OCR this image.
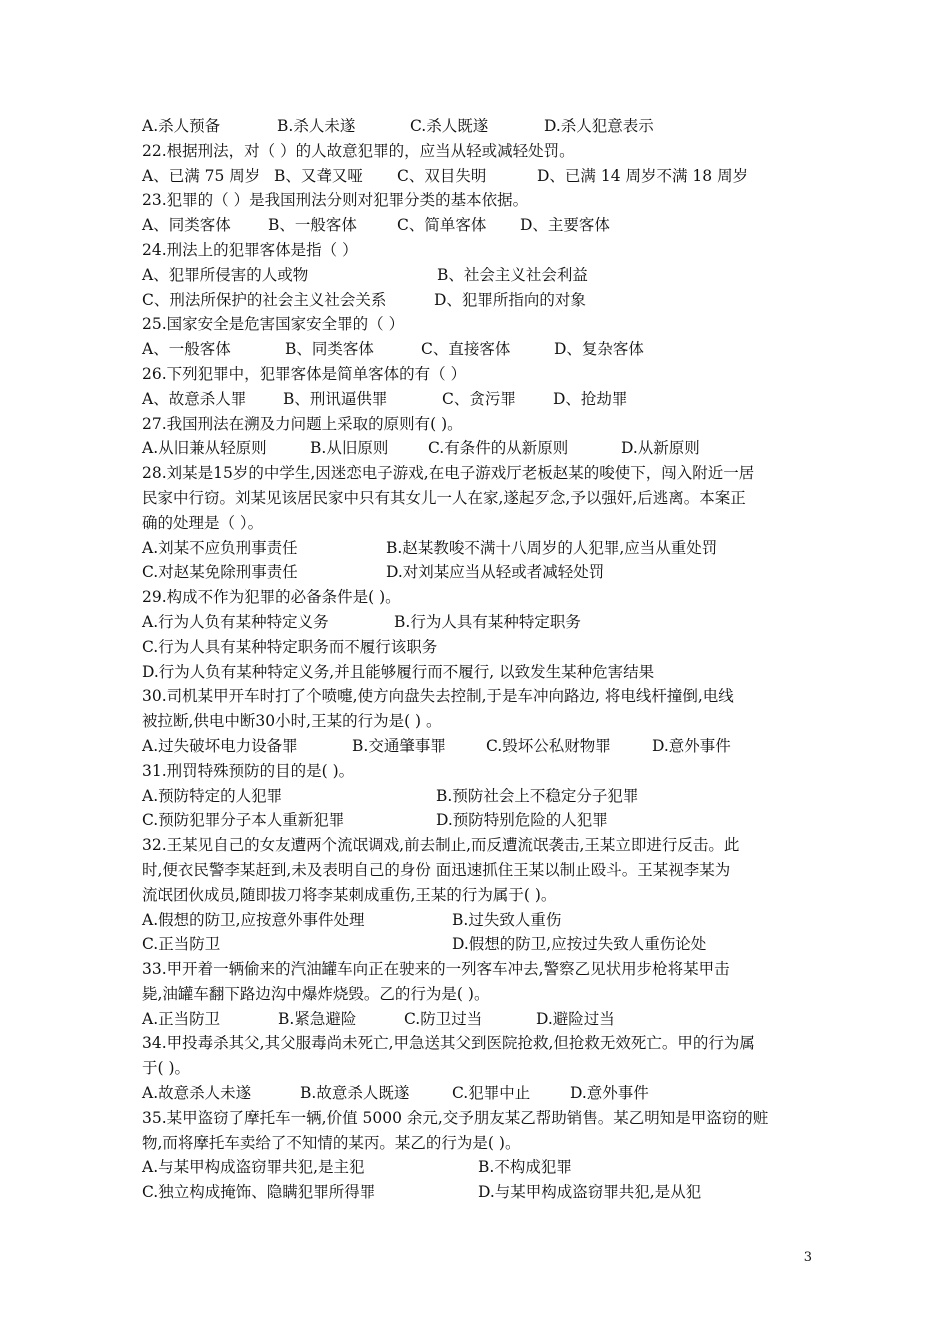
A.杀人预备	B.杀人未遂	C.杀人既遂	D.杀人犯意表示
22.根据刑法，对（ ）的人故意犯罪的，应当从轻或减轻处罚。
A、已满 75 周岁 B、又聋又哑 C、双目失明	D、已满 14 周岁不满 18 周岁
23.犯罪的（ ）是我国刑法分则对犯罪分类的基本依据。
A、同类客体 B、一般客体	C、简单客体 D、主要客体
24.刑法上的犯罪客体是指（ ）
A、犯罪所侵害的人或物	B、社会主义社会利益
C、刑法所保护的社会主义社会关系	D、犯罪所指向的对象
25.国家安全是危害国家安全罪的（ ）
A、一般客体	B、同类客体	C、直接客体	D、复杂客体
26.下列犯罪中，犯罪客体是简单客体的有（ ）
A、故意杀人罪 B、刑讯逼供罪	C、贪污罪 D、抢劫罪
27.我国刑法在溯及力问题上采取的原则有( )。
A.从旧兼从轻原则	B.从旧原则	C.有条件的从新原则	D.从新原则
28.刘某是15岁的中学生,因迷恋电子游戏,在电子游戏厅老板赵某的唆使下，闯入附近一居
民家中行窃。刘某见该居民家中只有其女儿一人在家,遂起歹念,予以强奸,后逃离。本案正
确的处理是（ ）。
A.刘某不应负刑事责任	B.赵某教唆不满十八周岁的人犯罪,应当从重处罚
C.对赵某免除刑事责任	D.对刘某应当从轻或者减轻处罚
29.构成不作为犯罪的必备条件是( )。
A.行为人负有某种特定义务	B.行为人具有某种特定职务
C.行为人具有某种特定职务而不履行该职务
D.行为人负有某种特定义务,并且能够履行而不履行, 以致发生某种危害结果
30.司机某甲开车时打了个喷嚏,使方向盘失去控制,于是车冲向路边, 将电线杆撞倒,电线
被拉断,供电中断30小时,王某的行为是( ) 。
A.过失破坏电力设备罪	B.交通肇事罪	C.毁坏公私财物罪	D.意外事件
31.刑罚特殊预防的目的是( )。
A.预防特定的人犯罪	B.预防社会上不稳定分子犯罪
C.预防犯罪分子本人重新犯罪	D.预防特别危险的人犯罪
32.王某见自己的女友遭两个流氓调戏,前去制止,而反遭流氓袭击,王某立即进行反击。此
时,便衣民警李某赶到,未及表明自己的身份 面迅速抓住王某以制止殴斗。王某视李某为
流氓团伙成员,随即拔刀将李某刺成重伤,王某的行为属于( )。
A.假想的防卫,应按意外事件处理	B.过失致人重伤
C.正当防卫	D.假想的防卫,应按过失致人重伤论处
33.甲开着一辆偷来的汽油罐车向正在驶来的一列客车冲去,警察乙见状用步枪将某甲击
毙,油罐车翻下路边沟中爆炸烧毁。乙的行为是( )。
A.正当防卫	B.紧急避险	C.防卫过当	D.避险过当
34.甲投毒杀其父,其父服毒尚未死亡,甲急送其父到医院抢救,但抢救无效死亡。甲的行为属
于( )。
A.故意杀人未遂	B.故意杀人既遂	C.犯罪中止	D.意外事件
35.某甲盗窃了摩托车一辆,价值 5000 余元,交予朋友某乙帮助销售。某乙明知是甲盗窃的赃
物,而将摩托车卖给了不知情的某丙。某乙的行为是( )。
A.与某甲构成盗窃罪共犯,是主犯	B.不构成犯罪
C.独立构成掩饰、隐瞒犯罪所得罪	D.与某甲构成盗窃罪共犯,是从犯
3
